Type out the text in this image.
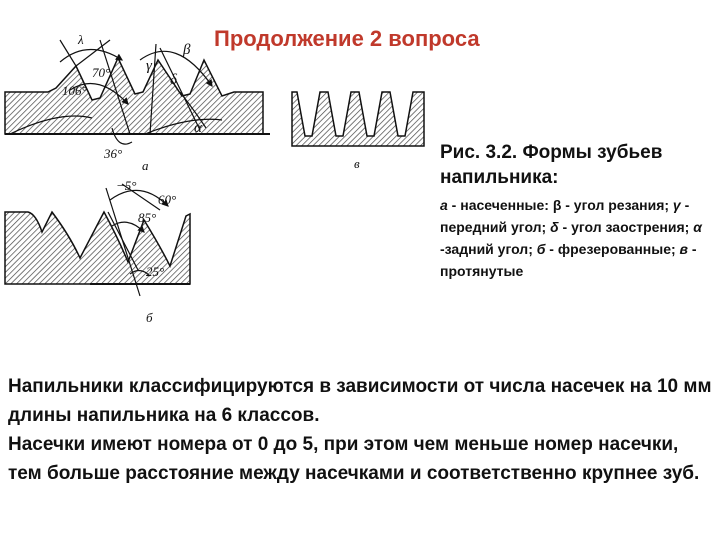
Продолжение 2 вопроса
70°
106°
36°
β
γ
δ
α
λ
а	в
−5°
60°
85°
25°
б
Рис. 3.2. Формы зубьев напильника:
а - насеченные: β - угол резания; γ - передний угол; δ - угол заострения; α -задний угол; б - фрезерованные; в - протянутые

Напильники классифицируются в зависимости от числа насечек на 10 мм длины напильника на 6 классов.

Насечки имеют номера от 0 до 5, при этом чем меньше номер насечки, тем больше расстояние между насечками и соответственно крупнее зуб.
